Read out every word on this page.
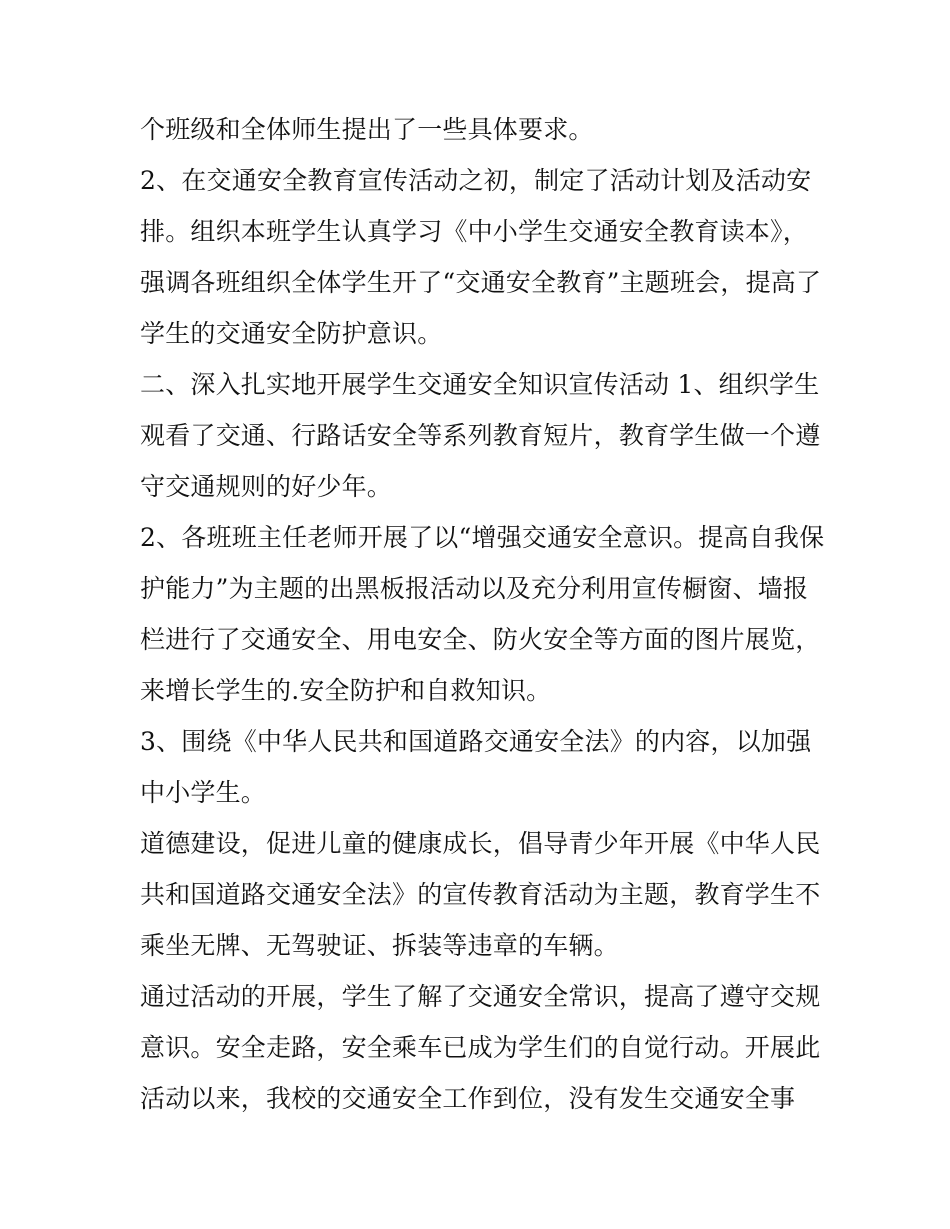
个班级和全体师生提出了一些具体要求。
2、在交通安全教育宣传活动之初，制定了活动计划及活动安
排。组织本班学生认真学习《中小学生交通安全教育读本》，
强调各班组织全体学生开了“交通安全教育”主题班会，提高了
学生的交通安全防护意识。
二、深入扎实地开展学生交通安全知识宣传活动 1、组织学生
观看了交通、行路话安全等系列教育短片，教育学生做一个遵
守交通规则的好少年。
2、各班班主任老师开展了以“增强交通安全意识。提高自我保
护能力”为主题的出黑板报活动以及充分利用宣传橱窗、墙报
栏进行了交通安全、用电安全、防火安全等方面的图片展览，
来增长学生的.安全防护和自救知识。
3、围绕《中华人民共和国道路交通安全法》的内容，以加强
中小学生。
道德建设，促进儿童的健康成长，倡导青少年开展《中华人民
共和国道路交通安全法》的宣传教育活动为主题，教育学生不
乘坐无牌、无驾驶证、拆装等违章的车辆。
通过活动的开展，学生了解了交通安全常识，提高了遵守交规
意识。安全走路，安全乘车已成为学生们的自觉行动。开展此
活动以来，我校的交通安全工作到位，没有发生交通安全事
